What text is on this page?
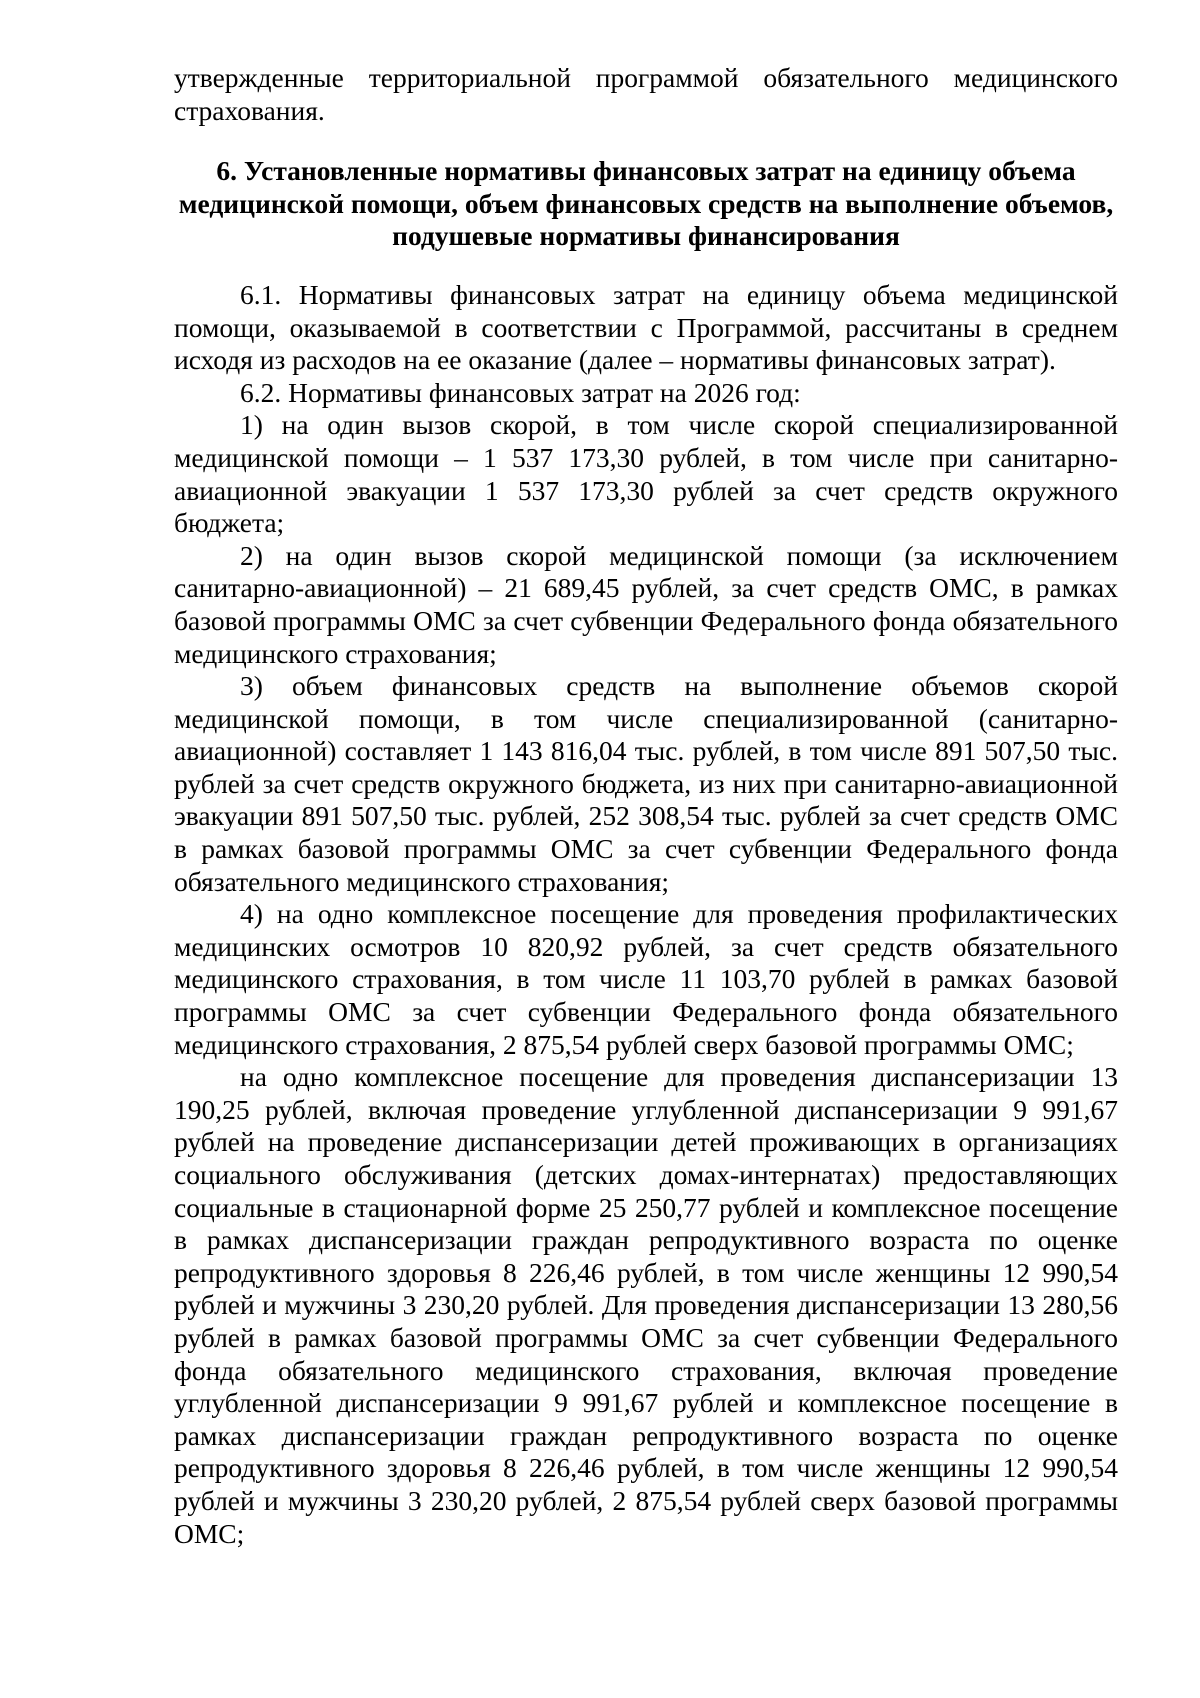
утвержденные территориальной программой обязательного медицинского страхования.

6. Установленные нормативы финансовых затрат на единицу объема медицинской помощи, объем финансовых средств на выполнение объемов, подушевые нормативы финансирования

6.1. Нормативы финансовых затрат на единицу объема медицинской помощи, оказываемой в соответствии с Программой, рассчитаны в среднем исходя из расходов на ее оказание (далее – нормативы финансовых затрат).

6.2. Нормативы финансовых затрат на 2026 год:

1) на один вызов скорой, в том числе скорой специализированной медицинской помощи – 1 537 173,30 рублей, в том числе при санитарно-авиационной эвакуации 1 537 173,30 рублей за счет средств окружного бюджета;

2) на один вызов скорой медицинской помощи (за исключением санитарно-авиационной) – 21 689,45 рублей, за счет средств ОМС, в рамках базовой программы ОМС за счет субвенции Федерального фонда обязательного медицинского страхования;

3) объем финансовых средств на выполнение объемов скорой медицинской помощи, в том числе специализированной (санитарно-авиационной) составляет 1 143 816,04 тыс. рублей, в том числе 891 507,50 тыс. рублей за счет средств окружного бюджета, из них при санитарно-авиационной эвакуации 891 507,50 тыс. рублей, 252 308,54 тыс. рублей за счет средств ОМС в рамках базовой программы ОМС за счет субвенции Федерального фонда обязательного медицинского страхования;

4) на одно комплексное посещение для проведения профилактических медицинских осмотров 10 820,92 рублей, за счет средств обязательного медицинского страхования, в том числе 11 103,70 рублей в рамках базовой программы ОМС за счет субвенции Федерального фонда обязательного медицинского страхования, 2 875,54 рублей сверх базовой программы ОМС;

на одно комплексное посещение для проведения диспансеризации 13 190,25 рублей, включая проведение углубленной диспансеризации 9 991,67 рублей на проведение диспансеризации детей проживающих в организациях социального обслуживания (детских домах-интернатах) предоставляющих социальные в стационарной форме 25 250,77 рублей и комплексное посещение в рамках диспансеризации граждан репродуктивного возраста по оценке репродуктивного здоровья 8 226,46 рублей, в том числе женщины 12 990,54 рублей и мужчины 3 230,20 рублей. Для проведения диспансеризации 13 280,56 рублей в рамках базовой программы ОМС за счет субвенции Федерального фонда обязательного медицинского страхования, включая проведение углубленной диспансеризации 9 991,67 рублей и комплексное посещение в рамках диспансеризации граждан репродуктивного возраста по оценке репродуктивного здоровья 8 226,46 рублей, в том числе женщины 12 990,54 рублей и мужчины 3 230,20 рублей, 2 875,54 рублей сверх базовой программы ОМС;
